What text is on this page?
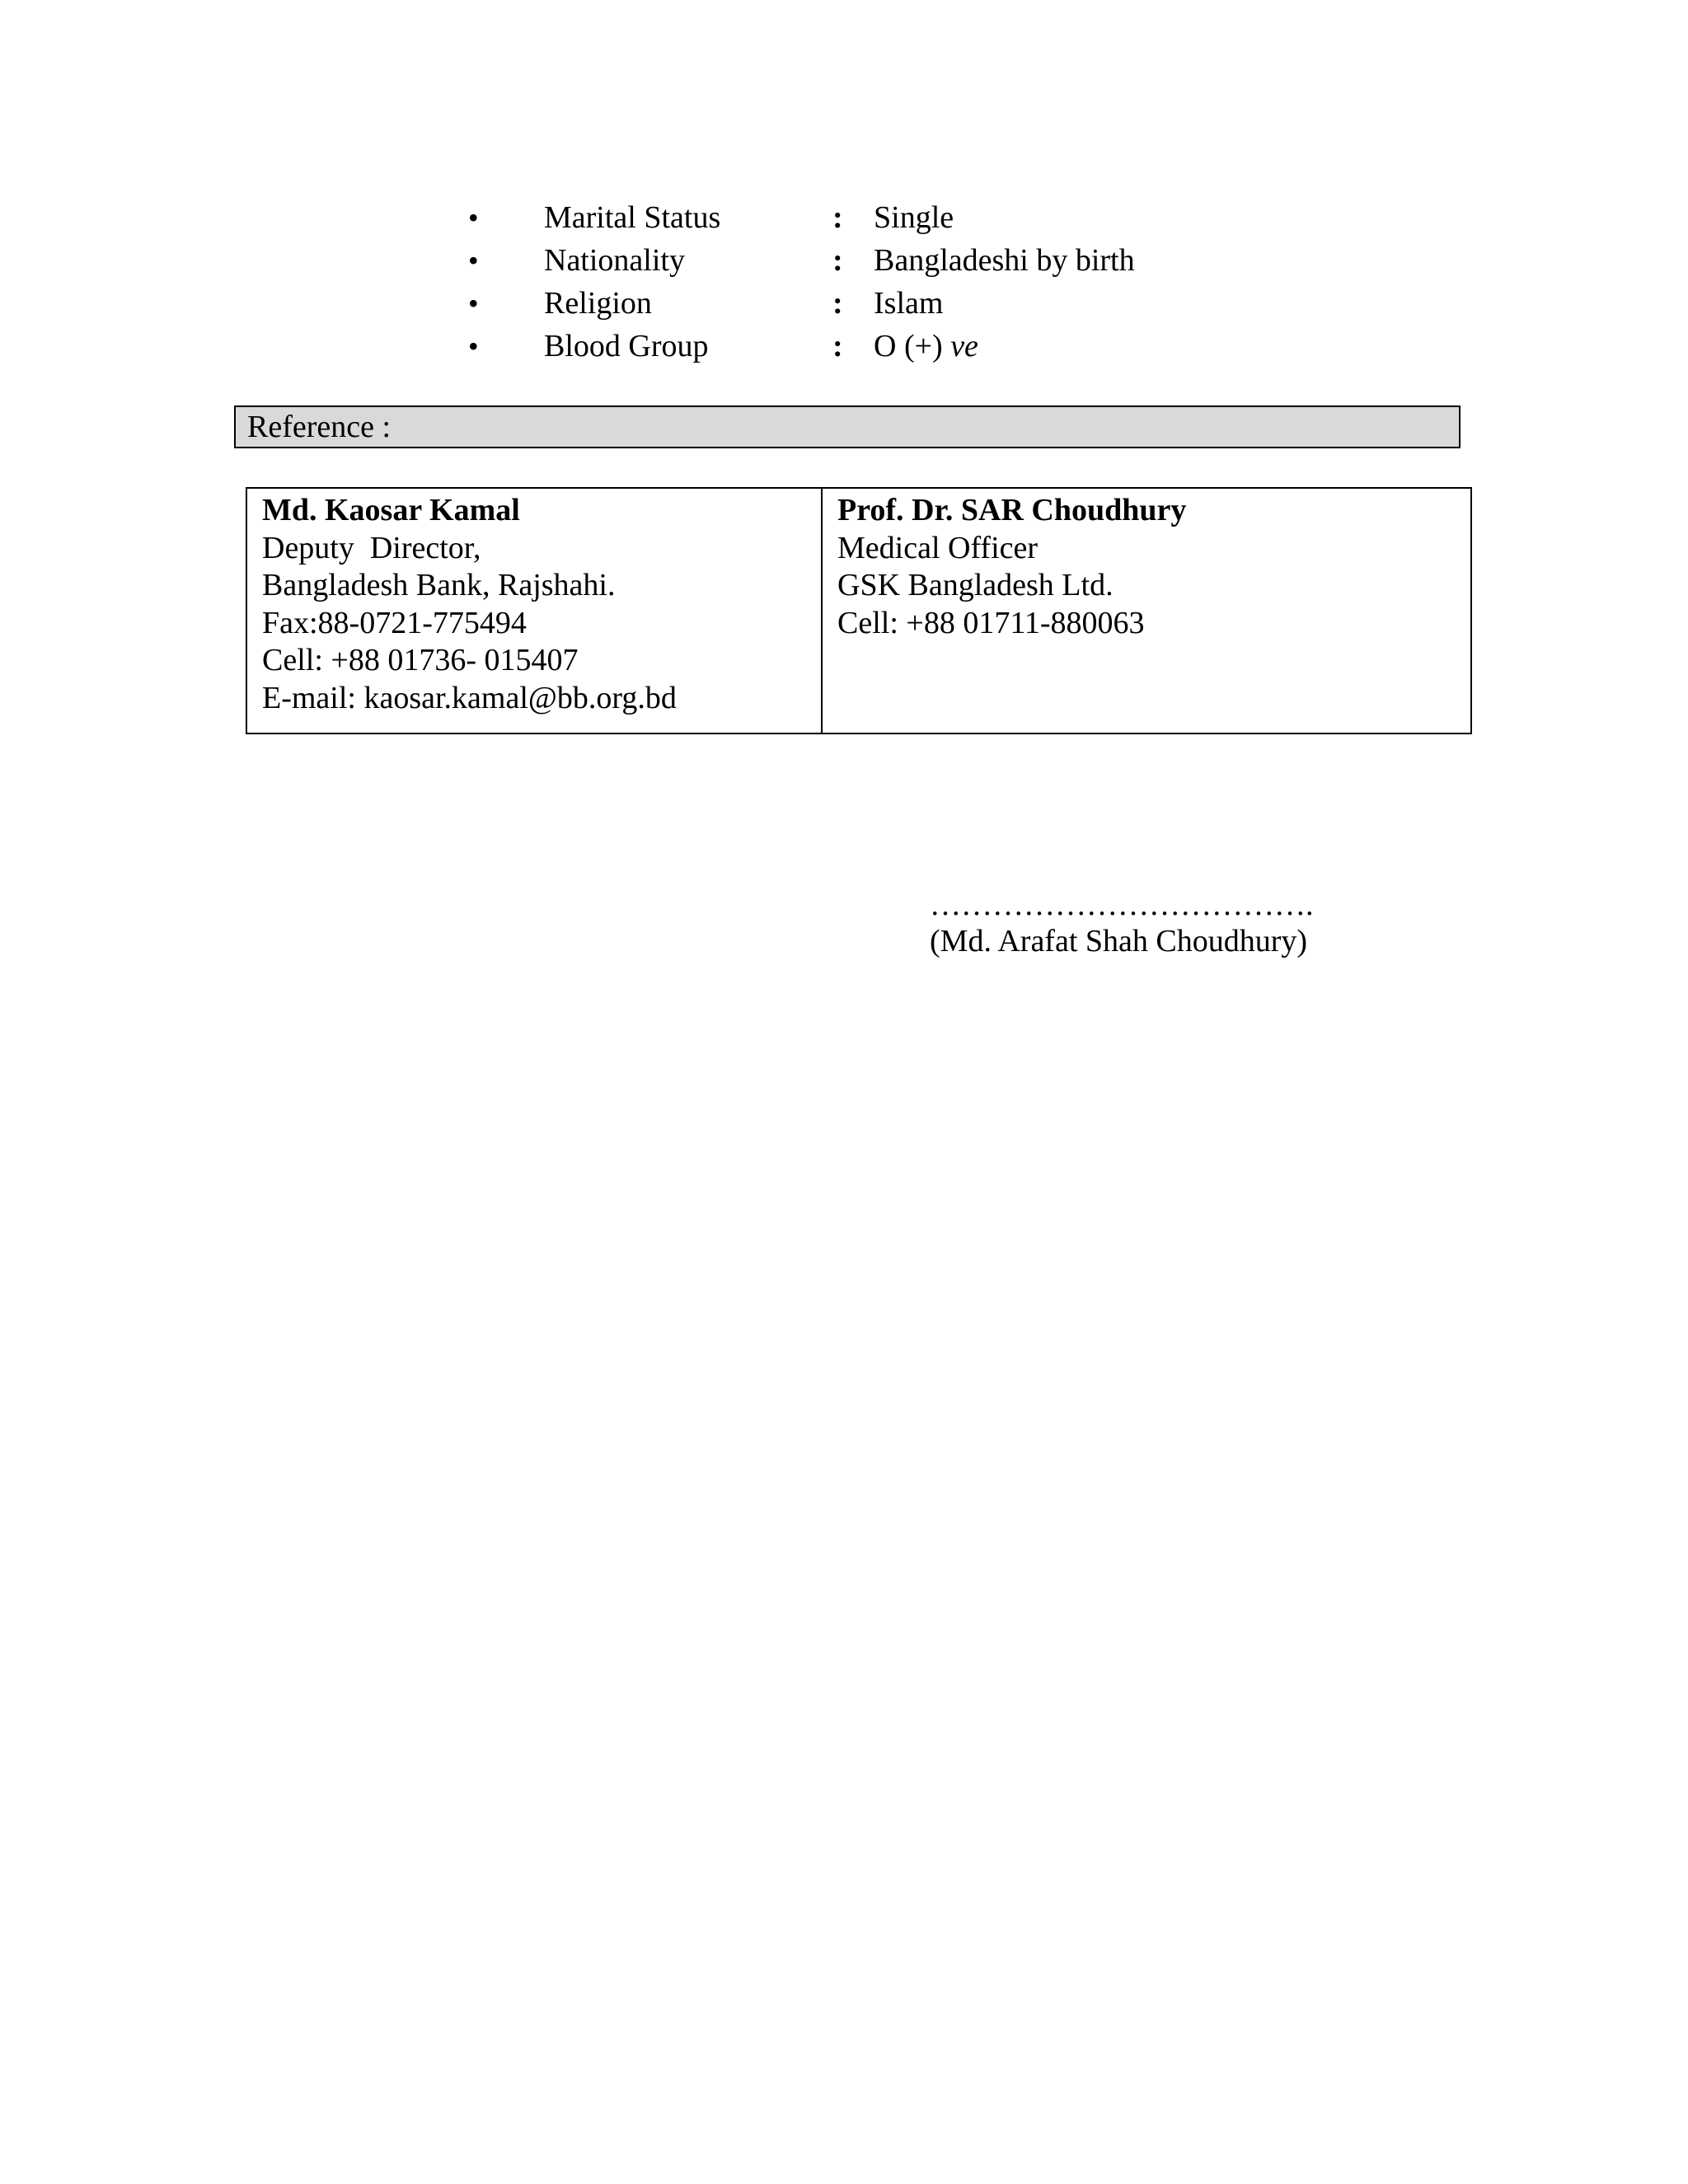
• Marital Status	: Single
• Nationality	: Bangladeshi by birth
• Religion	: Islam
• Blood Group	: O (+) ve
Reference :
Md. Kaosar Kamal
Deputy  Director,
Bangladesh Bank, Rajshahi.
Fax:88-0721-775494
Cell: +88 01736- 015407
E-mail: kaosar.kamal@bb.org.bd
Prof. Dr. SAR Choudhury
Medical Officer
GSK Bangladesh Ltd.
Cell: +88 01711-880063
……………………………….
(Md. Arafat Shah Choudhury)
